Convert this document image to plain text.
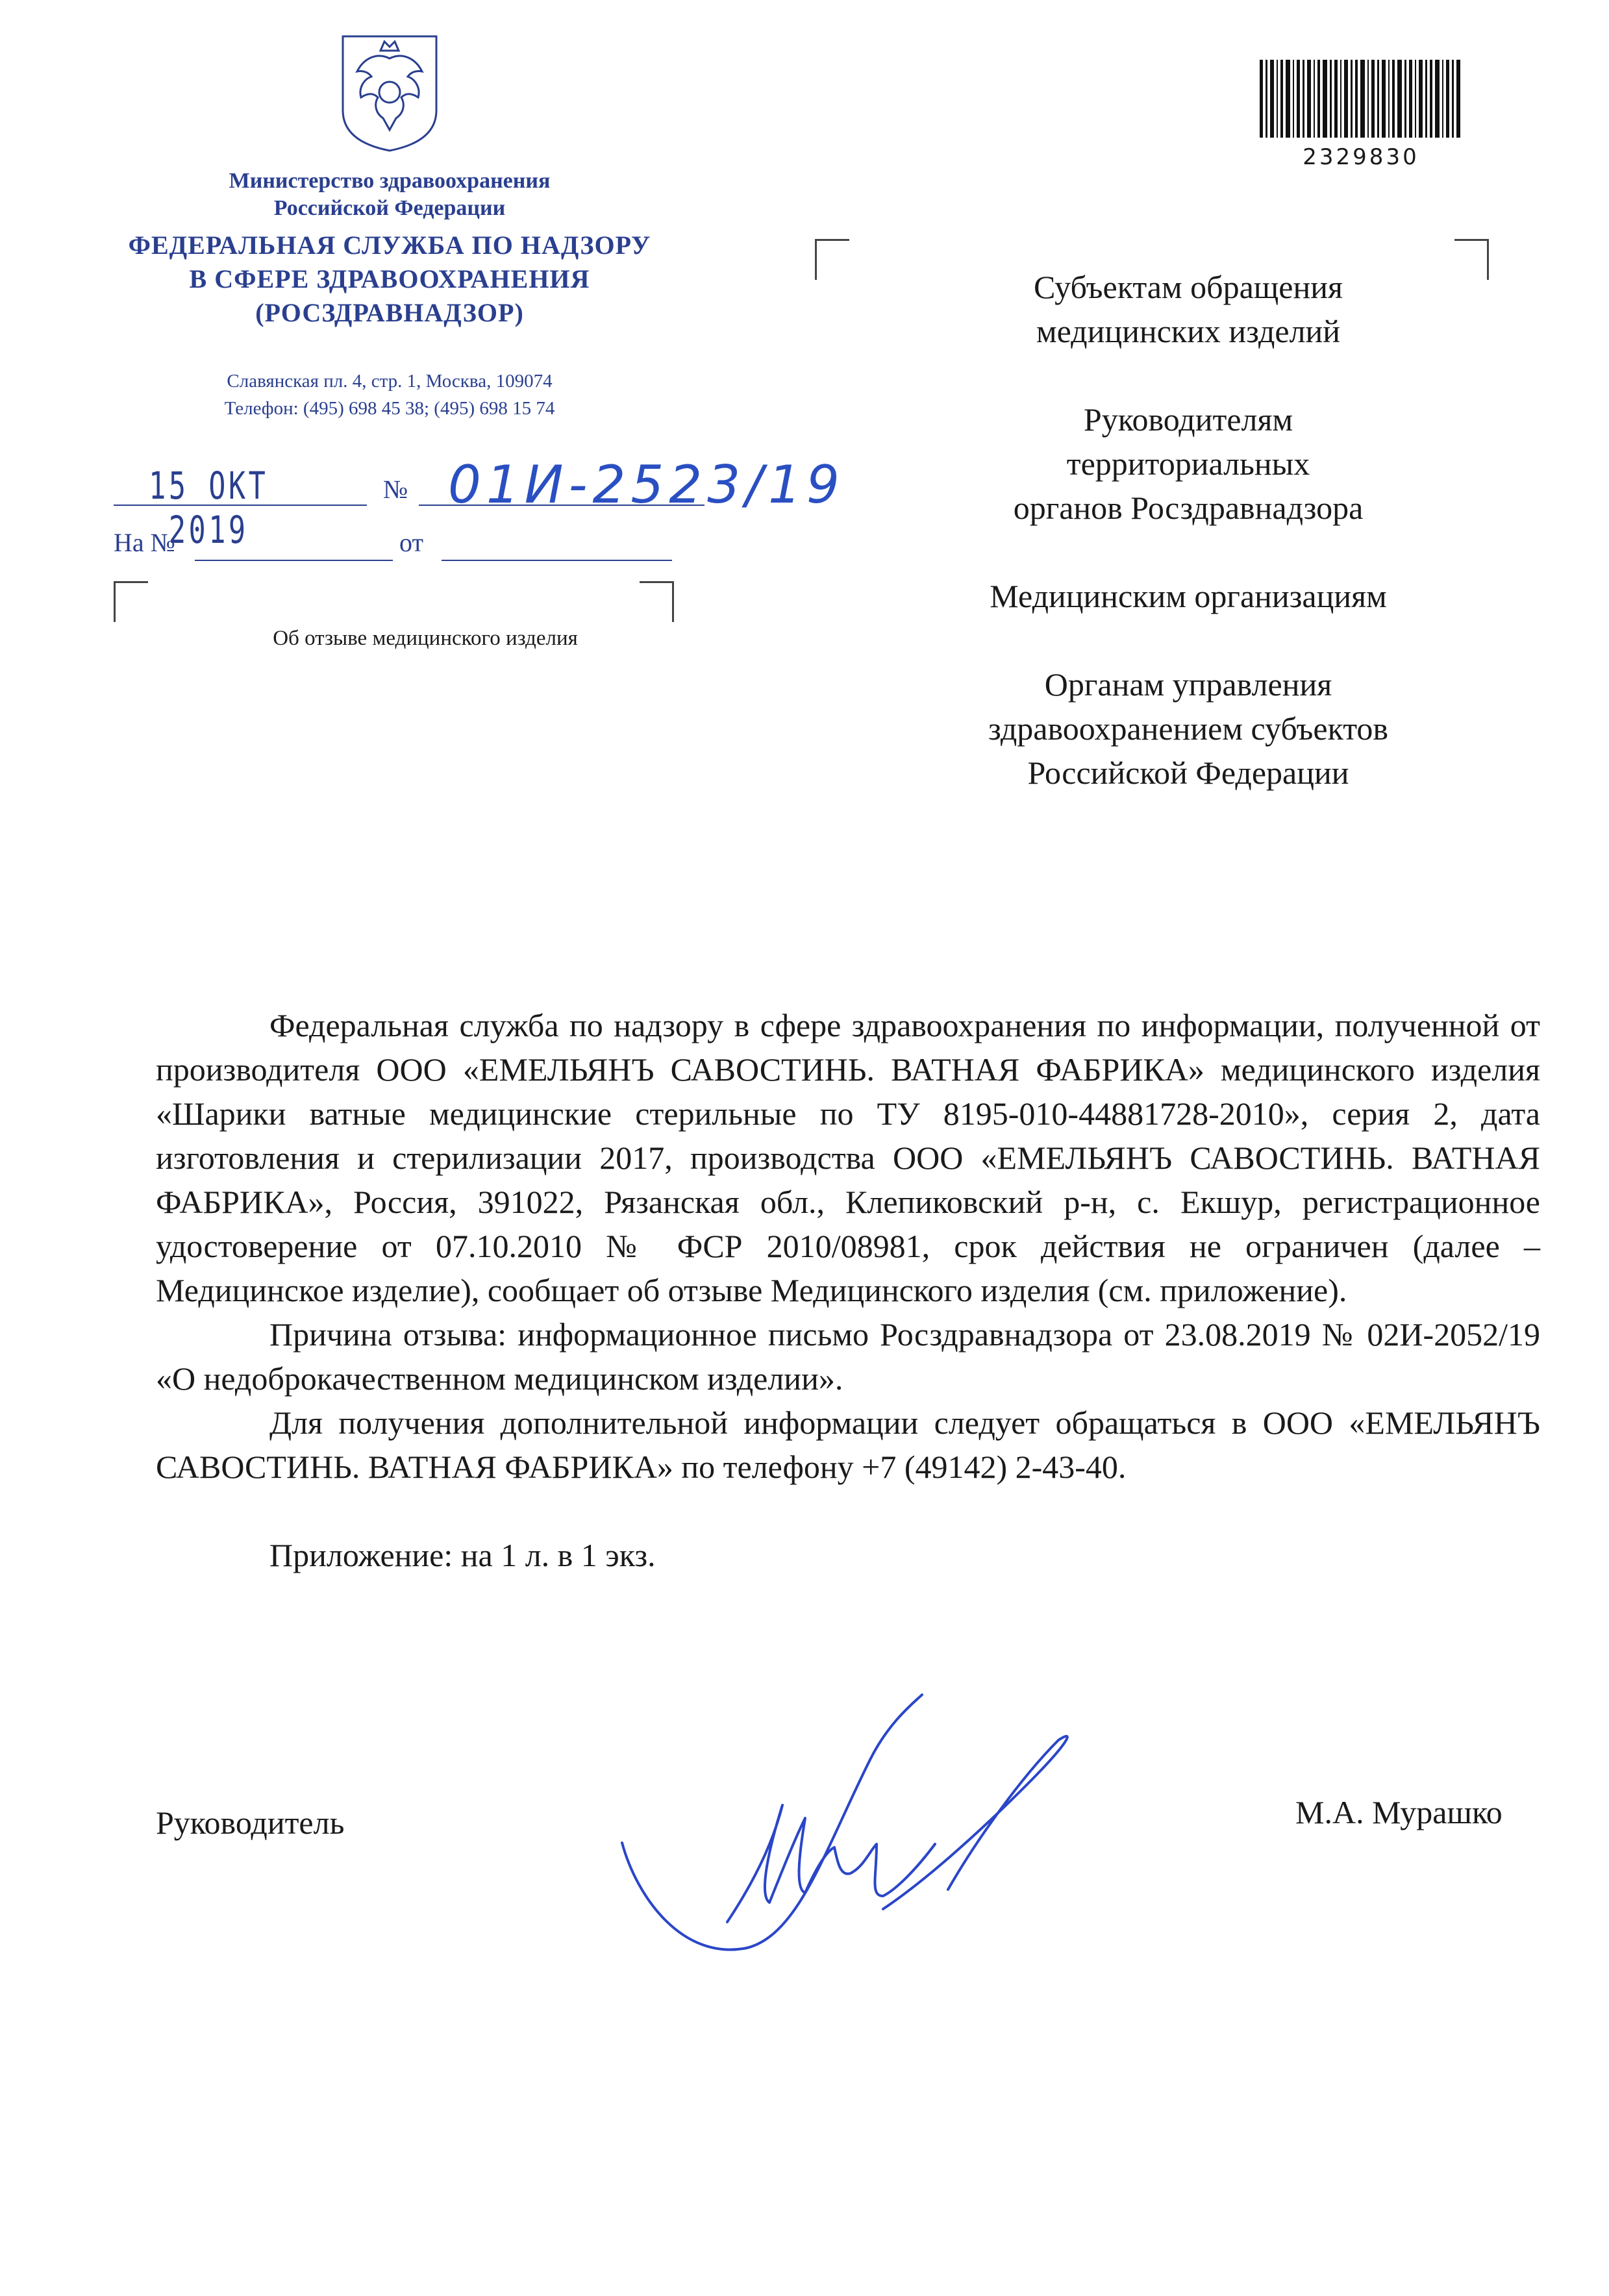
Министерство здравоохранения
Российской Федерации
ФЕДЕРАЛЬНАЯ СЛУЖБА ПО НАДЗОРУ
В СФЕРЕ ЗДРАВООХРАНЕНИЯ
(РОСЗДРАВНАДЗОР)
Славянская пл. 4, стр. 1, Москва, 109074
Телефон: (495) 698 45 38; (495) 698 15 74
15 ОКТ 2019
№ 01И-2523/19
На №	от
Об отзыве медицинского изделия
2329830

Субъектам обращения
медицинских изделий

Руководителям
территориальных
органов Росздравнадзора

Медицинским организациям

Органам управления
здравоохранением субъектов
Российской Федерации

Федеральная служба по надзору в сфере здравоохранения по информации, полученной от производителя ООО «ЕМЕЛЬЯНЪ САВОСТИНЬ. ВАТНАЯ ФАБРИКА» медицинского изделия «Шарики ватные медицинские стерильные по ТУ 8195-010-44881728-2010», серия 2, дата изготовления и стерилизации 2017, производства ООО «ЕМЕЛЬЯНЪ САВОСТИНЬ. ВАТНАЯ ФАБРИКА», Россия, 391022, Рязанская обл., Клепиковский р-н, с. Екшур, регистрационное удостоверение от 07.10.2010 № ФСР 2010/08981, срок действия не ограничен (далее – Медицинское изделие), сообщает об отзыве Медицинского изделия (см. приложение).

Причина отзыва: информационное письмо Росздравнадзора от 23.08.2019 № 02И-2052/19 «О недоброкачественном медицинском изделии».

Для получения дополнительной информации следует обращаться в ООО «ЕМЕЛЬЯНЪ САВОСТИНЬ. ВАТНАЯ ФАБРИКА» по телефону +7 (49142) 2-43-40.

Приложение: на 1 л. в 1 экз.

Руководитель	М.А. Мурашко
